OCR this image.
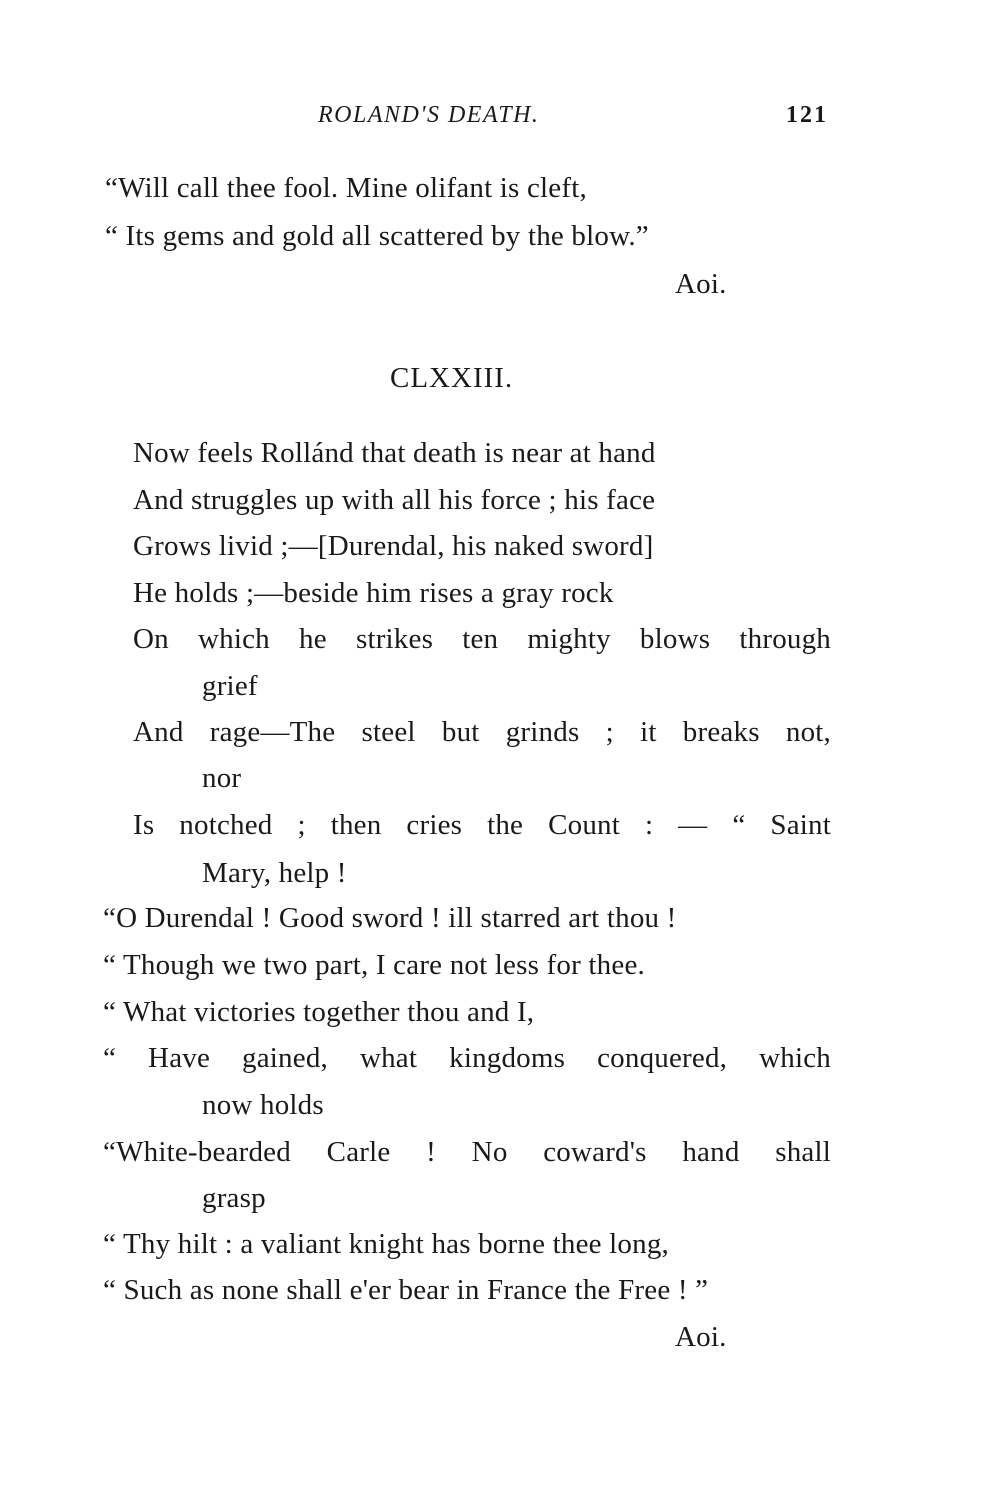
ROLAND'S DEATH.	121
“Will call thee fool. Mine olifant is cleft,
“ Its gems and gold all scattered by the blow.”
Aoi.
CLXXIII.
Now feels Rollánd that death is near at hand
And struggles up with all his force ; his face
Grows livid ;—[Durendal, his naked sword]
He holds ;—beside him rises a gray rock
On which he strikes ten mighty blows through
grief
And rage—The steel but grinds ; it breaks not,
nor
Is notched ; then cries the Count : — “ Saint
Mary, help !
“O Durendal ! Good sword ! ill starred art thou !
“ Though we two part, I care not less for thee.
“ What victories together thou and I,
“ Have gained, what kingdoms conquered, which
now holds
“White-bearded Carle ! No coward's hand shall
grasp
“ Thy hilt : a valiant knight has borne thee long,
“ Such as none shall e'er bear in France the Free ! ”
Aoi.
